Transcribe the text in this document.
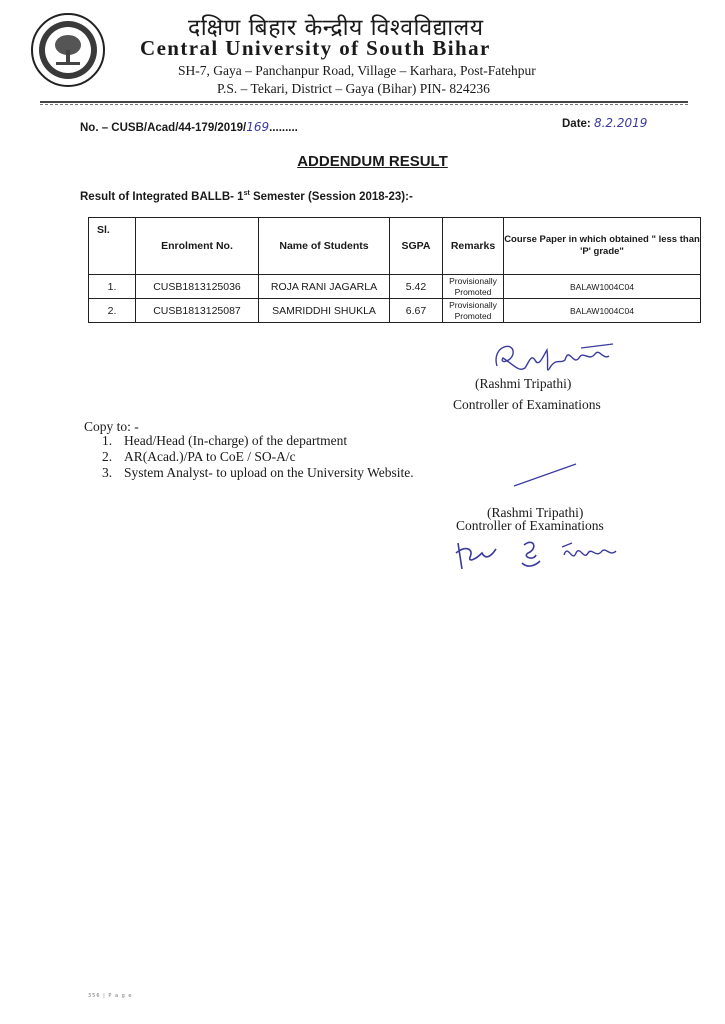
दक्षिण बिहार केन्द्रीय विश्वविद्यालय
Central University of South Bihar
SH-7, Gaya – Panchanpur Road, Village – Karhara, Post-Fatehpur
P.S. – Tekari, District – Gaya (Bihar) PIN- 824236
No. – CUSB/Acad/44-179/2019/169.........	Date: 8.2.2019
ADDENDUM RESULT
Result of Integrated BALLB- 1st Semester (Session 2018-23):-
Sl.	Enrolment No.	Name of Students	SGPA	Remarks	Course Paper in which obtained " less than 'P' grade"
1.	CUSB1813125036	ROJA RANI JAGARLA	5.42	Provisionally
Promoted	BALAW1004C04
2.	CUSB1813125087	SAMRIDDHI SHUKLA	6.67	Provisionally
Promoted	BALAW1004C04
(Rashmi Tripathi)
Controller of Examinations
Copy to: -
1. Head/Head (In-charge) of the department
2. AR(Acad.)/PA to CoE / SO-A/c
3. System Analyst- to upload on the University Website.
(Rashmi Tripathi)
Controller of Examinations
356 | P a g e
